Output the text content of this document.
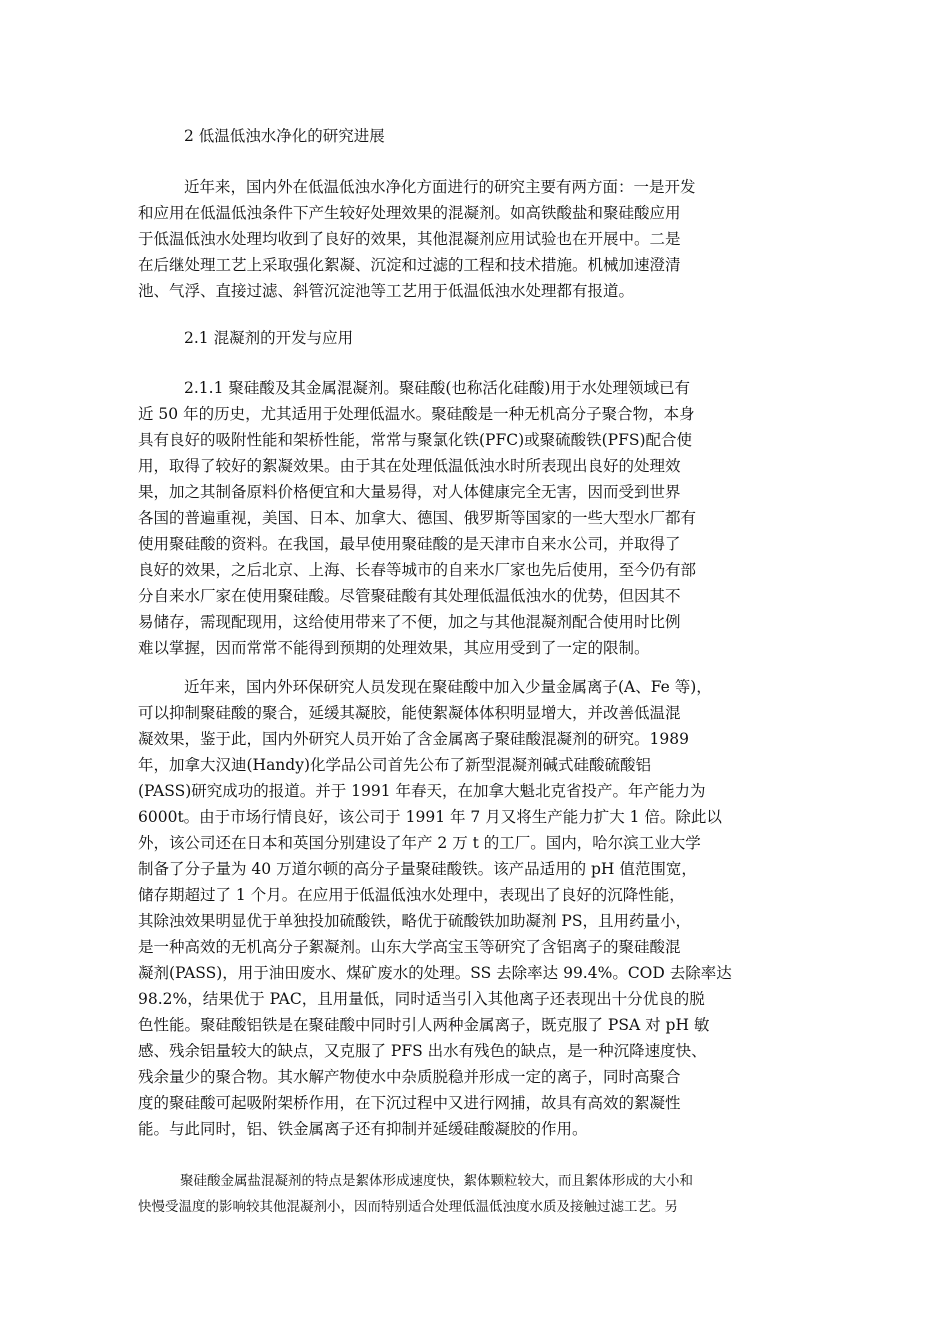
2 低温低浊水净化的研究进展
近年来，国内外在低温低浊水净化方面进行的研究主要有两方面：一是开发
和应用在低温低浊条件下产生较好处理效果的混凝剂。如高铁酸盐和聚硅酸应用
于低温低浊水处理均收到了良好的效果，其他混凝剂应用试验也在开展中。二是
在后继处理工艺上采取强化絮凝、沉淀和过滤的工程和技术措施。机械加速澄清
池、气浮、直接过滤、斜管沉淀池等工艺用于低温低浊水处理都有报道。
2.1 混凝剂的开发与应用
2.1.1 聚硅酸及其金属混凝剂。聚硅酸(也称活化硅酸)用于水处理领域已有
近 50 年的历史，尤其适用于处理低温水。聚硅酸是一种无机高分子聚合物，本身
具有良好的吸附性能和架桥性能，常常与聚氯化铁(PFC)或聚硫酸铁(PFS)配合使
用，取得了较好的絮凝效果。由于其在处理低温低浊水时所表现出良好的处理效
果，加之其制备原料价格便宜和大量易得，对人体健康完全无害，因而受到世界
各国的普遍重视，美国、日本、加拿大、德国、俄罗斯等国家的一些大型水厂都有
使用聚硅酸的资料。在我国，最早使用聚硅酸的是天津市自来水公司，并取得了
良好的效果，之后北京、上海、长春等城市的自来水厂家也先后使用，至今仍有部
分自来水厂家在使用聚硅酸。尽管聚硅酸有其处理低温低浊水的优势，但因其不
易储存，需现配现用，这给使用带来了不便，加之与其他混凝剂配合使用时比例
难以掌握，因而常常不能得到预期的处理效果，其应用受到了一定的限制。
近年来，国内外环保研究人员发现在聚硅酸中加入少量金属离子(A、Fe 等)，
可以抑制聚硅酸的聚合，延缓其凝胶，能使絮凝体体积明显增大，并改善低温混
凝效果，鉴于此，国内外研究人员开始了含金属离子聚硅酸混凝剂的研究。1989
年，加拿大汉迪(Handy)化学品公司首先公布了新型混凝剂碱式硅酸硫酸铝
(PASS)研究成功的报道。并于 1991 年春天，在加拿大魁北克省投产。年产能力为
6000t。由于市场行情良好，该公司于 1991 年 7 月又将生产能力扩大 1 倍。除此以
外，该公司还在日本和英国分别建设了年产 2 万 t 的工厂。国内，哈尔滨工业大学
制备了分子量为 40 万道尔顿的高分子量聚硅酸铁。该产品适用的 pH 值范围宽，
储存期超过了 1 个月。在应用于低温低浊水处理中，表现出了良好的沉降性能，
其除浊效果明显优于单独投加硫酸铁，略优于硫酸铁加助凝剂 PS，且用药量小，
是一种高效的无机高分子絮凝剂。山东大学高宝玉等研究了含铝离子的聚硅酸混
凝剂(PASS)，用于油田废水、煤矿废水的处理。SS 去除率达 99.4%。COD 去除率达
98.2%，结果优于 PAC，且用量低，同时适当引入其他离子还表现出十分优良的脱
色性能。聚硅酸铝铁是在聚硅酸中同时引人两种金属离子，既克服了 PSA 对 pH 敏
感、残余铝量较大的缺点，又克服了 PFS 出水有残色的缺点，是一种沉降速度快、
残余量少的聚合物。其水解产物使水中杂质脱稳并形成一定的离子，同时高聚合
度的聚硅酸可起吸附架桥作用，在下沉过程中又进行网捕，故具有高效的絮凝性
能。与此同时，铝、铁金属离子还有抑制并延缓硅酸凝胶的作用。
聚硅酸金属盐混凝剂的特点是絮体形成速度快，絮体颗粒较大，而且絮体形成的大小和
快慢受温度的影响较其他混凝剂小，因而特别适合处理低温低浊度水质及接触过滤工艺。另
